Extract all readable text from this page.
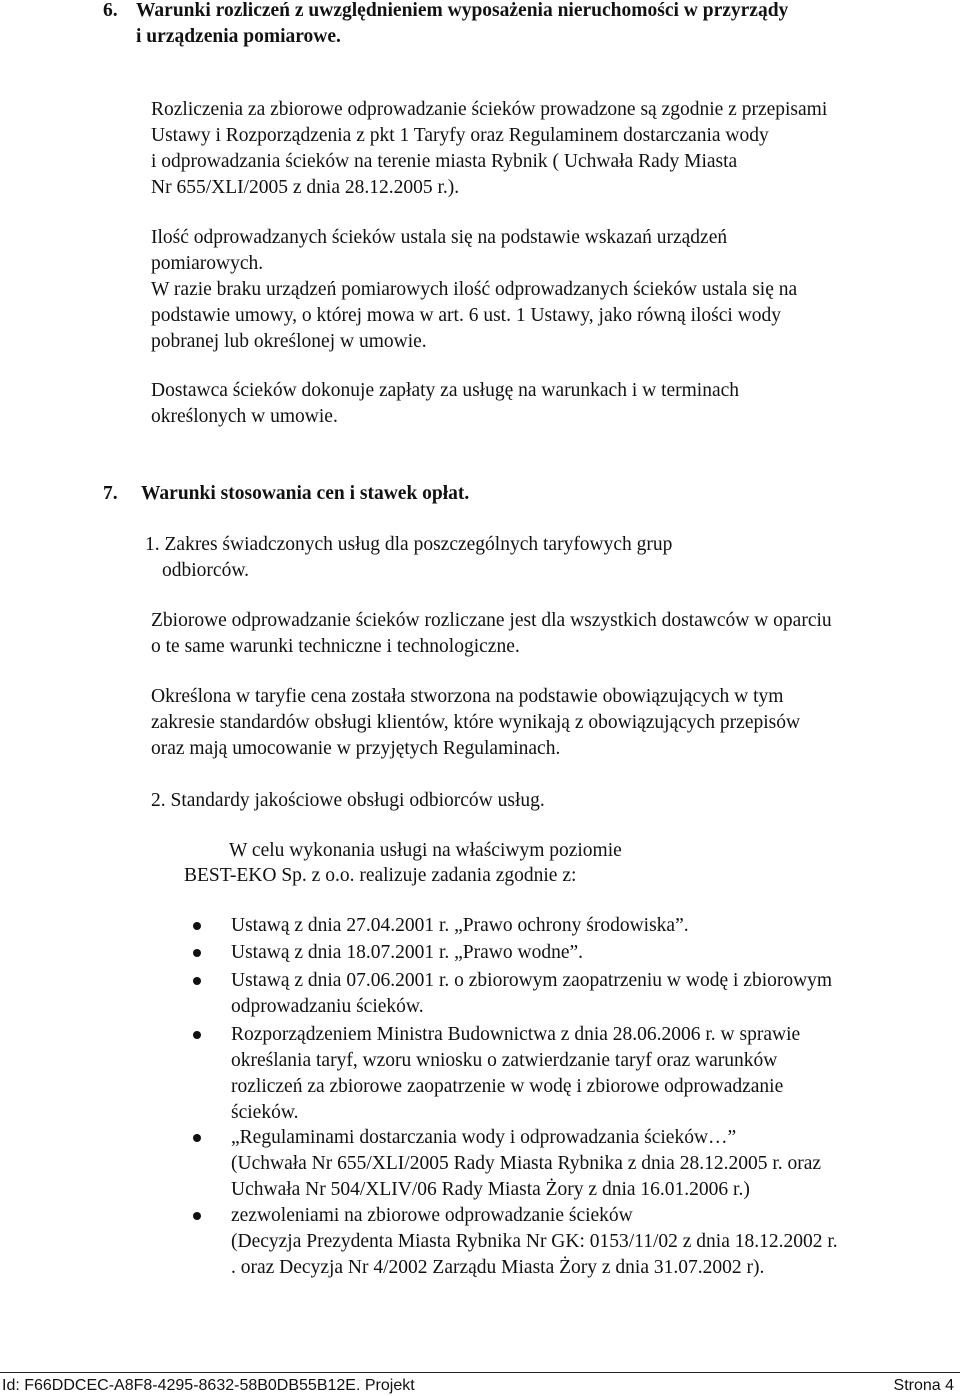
6. Warunki rozliczeń z uwzględnieniem wyposażenia nieruchomości w przyrządy
i urządzenia pomiarowe.
Rozliczenia za zbiorowe odprowadzanie ścieków prowadzone są zgodnie z przepisami
Ustawy i Rozporządzenia z pkt 1 Taryfy oraz Regulaminem dostarczania wody
i odprowadzania ścieków na terenie miasta Rybnik ( Uchwała Rady Miasta
Nr 655/XLI/2005 z dnia 28.12.2005 r.).
Ilość odprowadzanych ścieków ustala się na podstawie wskazań urządzeń
pomiarowych.
W razie braku urządzeń pomiarowych ilość odprowadzanych ścieków ustala się na
podstawie umowy, o której mowa w art. 6 ust. 1 Ustawy, jako równą ilości wody
pobranej lub określonej w umowie.
Dostawca ścieków dokonuje zapłaty za usługę na warunkach i w terminach
określonych w umowie.
7. Warunki stosowania cen i stawek opłat.
1. Zakres świadczonych usług dla poszczególnych taryfowych grup
odbiorców.
Zbiorowe odprowadzanie ścieków rozliczane jest dla wszystkich dostawców w oparciu
o te same warunki techniczne i technologiczne.
Określona w taryfie cena została stworzona na podstawie obowiązujących w tym
zakresie standardów obsługi klientów, które wynikają z obowiązujących przepisów
oraz mają umocowanie w przyjętych Regulaminach.
2. Standardy jakościowe obsługi odbiorców usług.
W celu wykonania usługi na właściwym poziomie
BEST-EKO Sp. z o.o. realizuje zadania zgodnie z:
Ustawą z dnia 27.04.2001 r. „Prawo ochrony środowiska”.
Ustawą z dnia 18.07.2001 r. „Prawo wodne”.
Ustawą z dnia 07.06.2001 r. o zbiorowym zaopatrzeniu w wodę i zbiorowym
odprowadzaniu ścieków.
Rozporządzeniem Ministra Budownictwa z dnia 28.06.2006 r. w sprawie
określania taryf, wzoru wniosku o zatwierdzanie taryf oraz warunków
rozliczeń za zbiorowe zaopatrzenie w wodę i zbiorowe odprowadzanie
ścieków.
„Regulaminami dostarczania wody i odprowadzania ścieków…”
(Uchwała Nr 655/XLI/2005 Rady Miasta Rybnika z dnia 28.12.2005 r. oraz
Uchwała Nr 504/XLIV/06 Rady Miasta Żory z dnia 16.01.2006 r.)
zezwoleniami na zbiorowe odprowadzanie ścieków
(Decyzja Prezydenta Miasta Rybnika Nr GK: 0153/11/02 z dnia 18.12.2002 r.
. oraz Decyzja Nr 4/2002 Zarządu Miasta Żory z dnia 31.07.2002 r).
Id: F66DDCEC-A8F8-4295-8632-58B0DB55B12E. Projekt	Strona 4
